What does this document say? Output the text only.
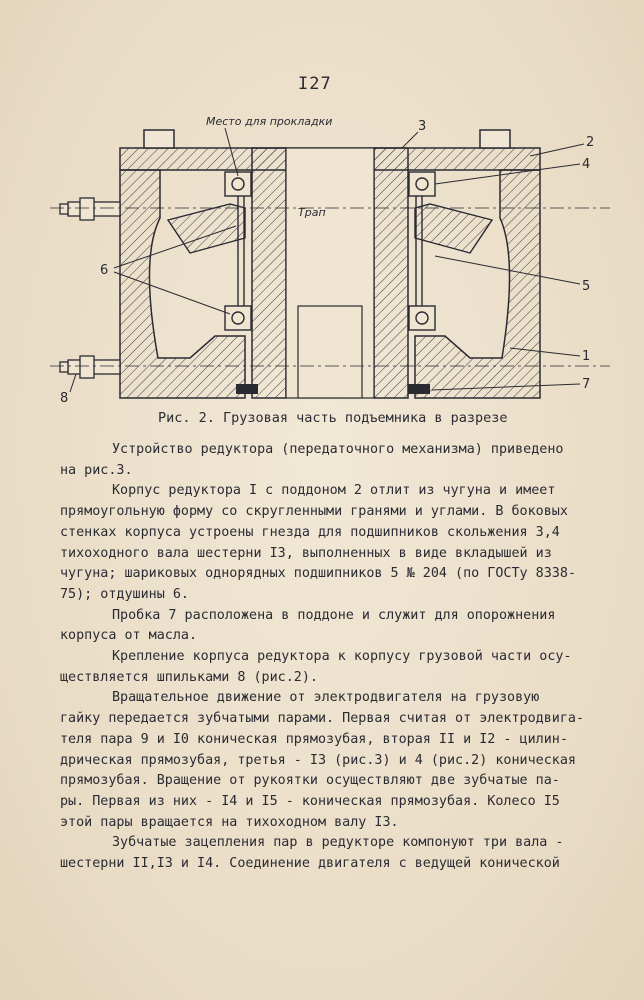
I27
Место для прокладки
Трап
3
2
4
5
1
7
6
8
Рис. 2. Грузовая часть подъемника в разрезе

Устройство редуктора (передаточного механизма) приведено
на рис.3.

Корпус редуктора I с поддоном 2 отлит из чугуна и имеет
прямоугольную форму со скругленными гранями и углами. В боковых
стенках корпуса устроены гнезда для подшипников скольжения 3,4
тихоходного вала шестерни I3, выполненных в виде вкладышей из
чугуна; шариковых однорядных подшипников 5 № 204 (по ГОСТу 8338-
75); отдушины 6.

Пробка 7 расположена в поддоне и служит для опорожнения
корпуса от масла.

Крепление корпуса редуктора к корпусу грузовой части осу-
ществляется шпильками 8 (рис.2).

Вращательное движение от электродвигателя на грузовую
гайку передается зубчатыми парами. Первая считая от электродвига-
теля пара 9 и I0 коническая прямозубая, вторая II и I2 - цилин-
дрическая прямозубая, третья - I3 (рис.3) и 4 (рис.2) коническая
прямозубая. Вращение от рукоятки осуществляют две зубчатые па-
ры. Первая из них - I4 и I5 - коническая прямозубая. Колесо I5
этой пары вращается на тихоходном валу I3.

Зубчатые зацепления пар в редукторе компонуют три вала -
шестерни II,I3 и I4. Соединение двигателя с ведущей конической
